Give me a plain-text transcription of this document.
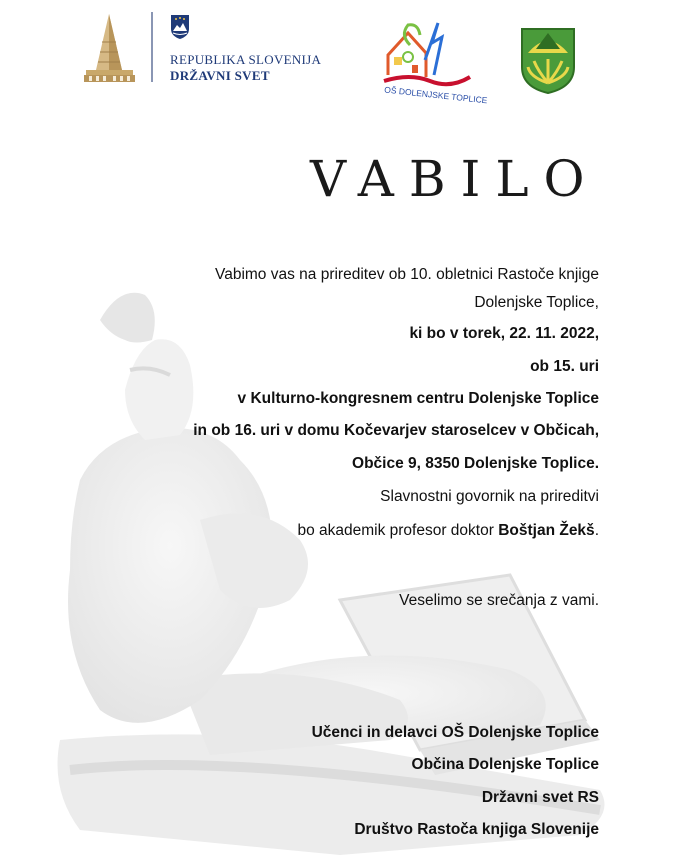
REPUBLIKA SLOVENIJA
DRŽAVNI SVET
OŠ DOLENJSKE TOPLICE
VABILO
Vabimo vas na prireditev ob 10. obletnici Rastoče knjige
Dolenjske Toplice,
ki bo v torek, 22. 11. 2022,
ob 15. uri
v Kulturno-kongresnem centru Dolenjske Toplice
in ob 16. uri v domu Kočevarjev staroselcev v Občicah,
Občice 9, 8350 Dolenjske Toplice.
Slavnostni govornik na prireditvi
bo akademik profesor doktor Boštjan Žekš.
Veselimo se srečanja z vami.
Učenci in delavci OŠ Dolenjske Toplice
Občina Dolenjske Toplice
Državni svet RS
Društvo Rastoča knjiga Slovenije
